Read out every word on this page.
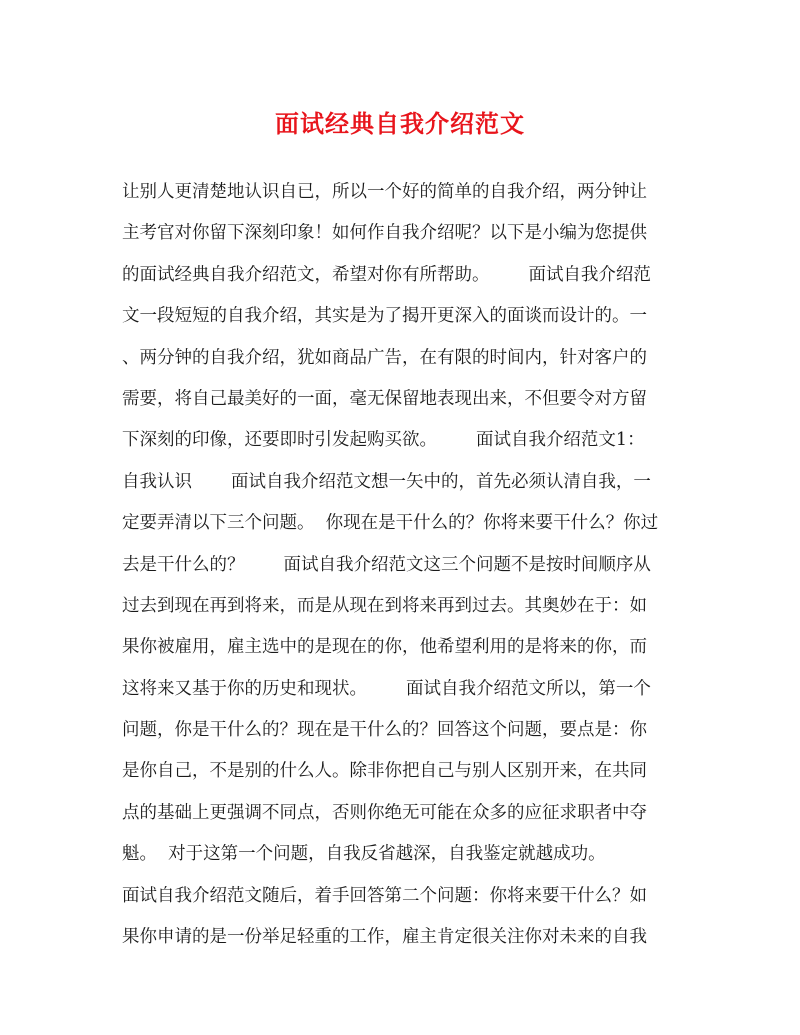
面试经典自我介绍范文
让别人更清楚地认识自已，所以一个好的简单的自我介绍，两分钟让
主考官对你留下深刻印象！如何作自我介绍呢？以下是小编为您提供
的面试经典自我介绍范文，希望对你有所帮助。       面试自我介绍范
文一段短短的自我介绍，其实是为了揭开更深入的面谈而设计的。一
、两分钟的自我介绍，犹如商品广告，在有限的时间内，针对客户的
需要，将自己最美好的一面，毫无保留地表现出来，不但要令对方留
下深刻的印像，还要即时引发起购买欲。       面试自我介绍范文1：
自我认识       面试自我介绍范文想一矢中的，首先必须认清自我，一
定要弄清以下三个问题。  你现在是干什么的？你将来要干什么？你过
去是干什么的？       面试自我介绍范文这三个问题不是按时间顺序从
过去到现在再到将来，而是从现在到将来再到过去。其奥妙在于：如
果你被雇用，雇主选中的是现在的你，他希望利用的是将来的你，而
这将来又基于你的历史和现状。       面试自我介绍范文所以，第一个
问题，你是干什么的？现在是干什么的？回答这个问题，要点是：你
是你自己，不是别的什么人。除非你把自己与别人区别开来，在共同
点的基础上更强调不同点，否则你绝无可能在众多的应征求职者中夺
魁。  对于这第一个问题，自我反省越深，自我鉴定就越成功。
面试自我介绍范文随后，着手回答第二个问题：你将来要干什么？如
果你申请的是一份举足轻重的工作，雇主肯定很关注你对未来的自我
